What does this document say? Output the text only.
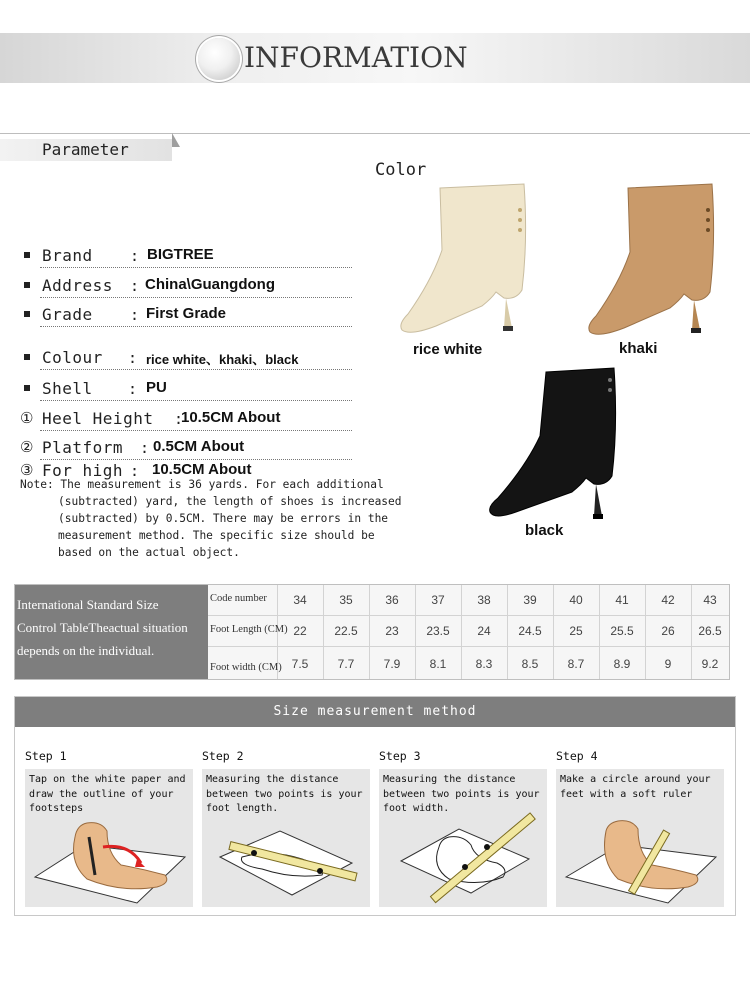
INFORMATION
Parameter
Color
Brand : BIGTREE
Address : China\Guangdong
Grade : First Grade
Colour : rice white、khaki、black
Shell : PU
① Heel Height :
10.5CM About
② Platform : 0.5CM About
③ For high : 10.5CM About
Note: The measurement is 36 yards. For each additional
(subtracted) yard, the length of shoes is increased
(subtracted) by 0.5CM. There may be errors in the
measurement method. The specific size should be
based on the actual object.
rice white	khaki
black
International Standard Size
Control TableTheactual situation
depends on the individual.
Code number	34	35	36	37	38	39	40	41	42	43
Foot Length (CM) 22	22.5	23	23.5	24	24.5	25	25.5	26	26.5
Foot width (CM) 7.5	7.7	7.9	8.1	8.3	8.5	8.7	8.9	9	9.2
Size measurement method
Step 1
Tap on the white paper and draw the outline of your footsteps
Step 2
Measuring the distance between two points is your foot length.
Step 3
Measuring the distance between two points is your foot width.
Step 4
Make a circle around your feet with a soft ruler
